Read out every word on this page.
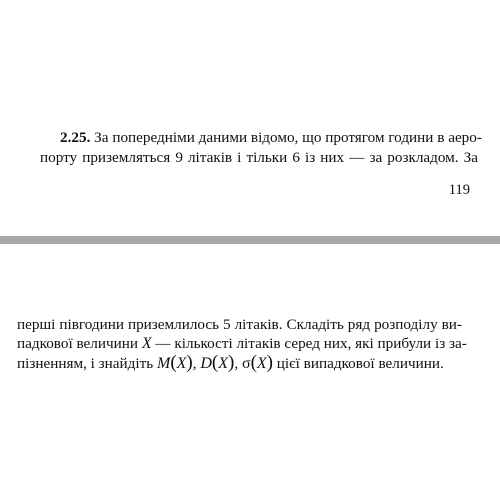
2.25. За попередніми даними відомо, що протягом години в аеро-
порту приземляться 9 літаків і тільки 6 із них — за розкладом. За
119
перші півгодини приземлилось 5 літаків. Складіть ряд розподілу ви-
падкової величини X — кількості літаків серед них, які прибули із за-
пізненням, і знайдіть M(X), D(X), σ(X) цієї випадкової величини.
